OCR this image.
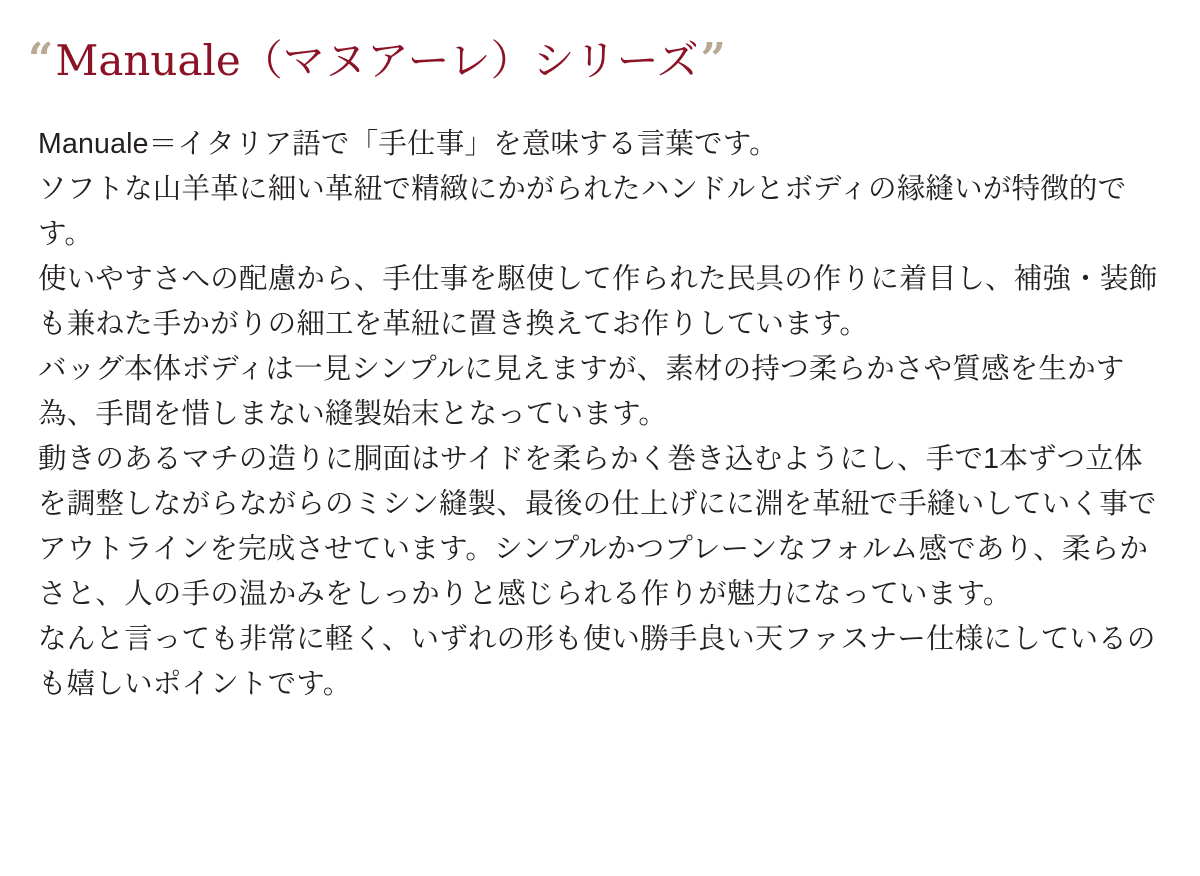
“Manuale（マヌアーレ）シリーズ”

Manuale＝イタリア語で「手仕事」を意味する言葉です。

ソフトな山羊革に細い革紐で精緻にかがられたハンドルとボディの縁縫いが特徴的です。

使いやすさへの配慮から、手仕事を駆使して作られた民具の作りに着目し、補強・装飾も兼ねた手かがりの細工を革紐に置き換えてお作りしています。

バッグ本体ボディは一見シンプルに見えますが、素材の持つ柔らかさや質感を生かす為、手間を惜しまない縫製始末となっています。

動きのあるマチの造りに胴面はサイドを柔らかく巻き込むようにし、手で1本ずつ立体を調整しながらながらのミシン縫製、最後の仕上げにに淵を革紐で手縫いしていく事でアウトラインを完成させています。シンプルかつプレーンなフォルム感であり、柔らかさと、人の手の温かみをしっかりと感じられる作りが魅力になっています。

なんと言っても非常に軽く、いずれの形も使い勝手良い天ファスナー仕様にしているのも嬉しいポイントです。
